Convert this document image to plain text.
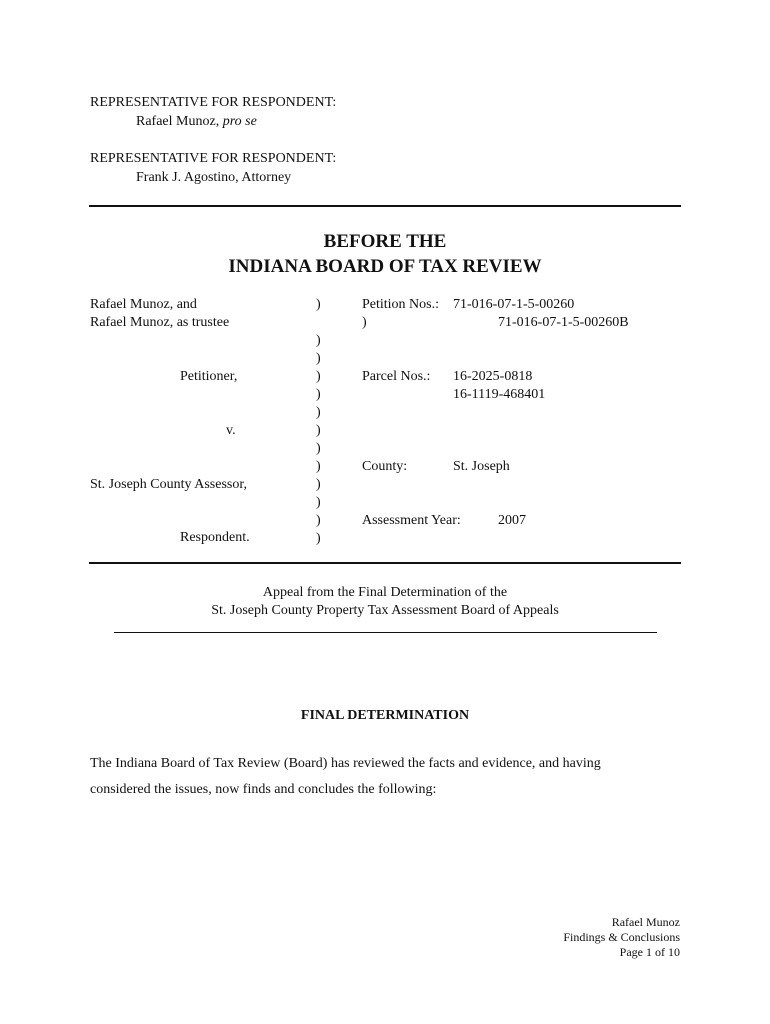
REPRESENTATIVE FOR RESPONDENT:
Rafael Munoz, pro se
REPRESENTATIVE FOR RESPONDENT:
Frank J. Agostino, Attorney
BEFORE THE
INDIANA BOARD OF TAX REVIEW
Rafael Munoz, and
Rafael Munoz, as trustee
Petitioner,
v.
St. Joseph County Assessor,
Respondent.
)
)
)
)
)
)
)
)
)
)
)
)
)
)
Petition Nos.: 71-016-07-1-5-00260
71-016-07-1-5-00260B
Parcel Nos.: 16-2025-0818
16-1119-468401
County:	St. Joseph
Assessment Year:	2007
Appeal from the Final Determination of the
St. Joseph County Property Tax Assessment Board of Appeals
FINAL DETERMINATION
The Indiana Board of Tax Review (Board) has reviewed the facts and evidence, and having
considered the issues, now finds and concludes the following:
Rafael Munoz
Findings & Conclusions
Page 1 of 10
